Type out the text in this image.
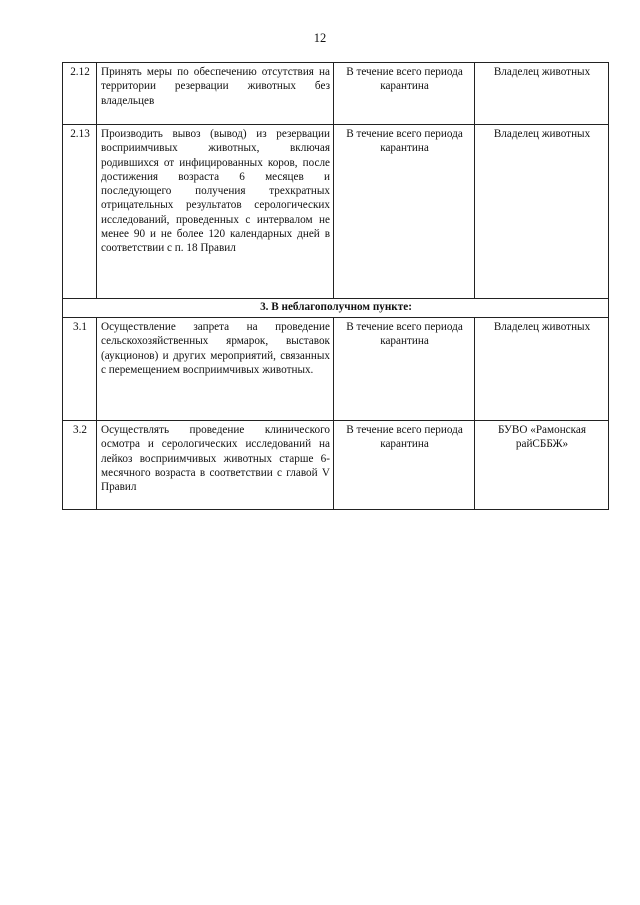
12
2.12	Принять меры по обеспечению отсутствия на территории резервации животных без владельцев	В течение всего периода карантина	Владелец животных
2.13	Производить вывоз (вывод) из резервации восприимчивых животных, включая родившихся от инфицированных коров, после достижения возраста 6 месяцев и последующего получения трехкратных отрицательных результатов серологических исследований, проведенных с интервалом не менее 90 и не более 120 календарных дней в соответствии с п. 18 Правил	В течение всего периода карантина	Владелец животных
3. В неблагополучном пункте:			
3.1	Осуществление запрета на проведение сельскохозяйственных ярмарок, выставок (аукционов) и других мероприятий, связанных с перемещением восприимчивых животных.	В течение всего периода карантина	Владелец животных
3.2	Осуществлять проведение клинического осмотра и серологических исследований на лейкоз восприимчивых животных старше 6-месячного возраста в соответствии с главой V Правил	В течение всего периода карантина	БУВО «Рамонская райСББЖ»
